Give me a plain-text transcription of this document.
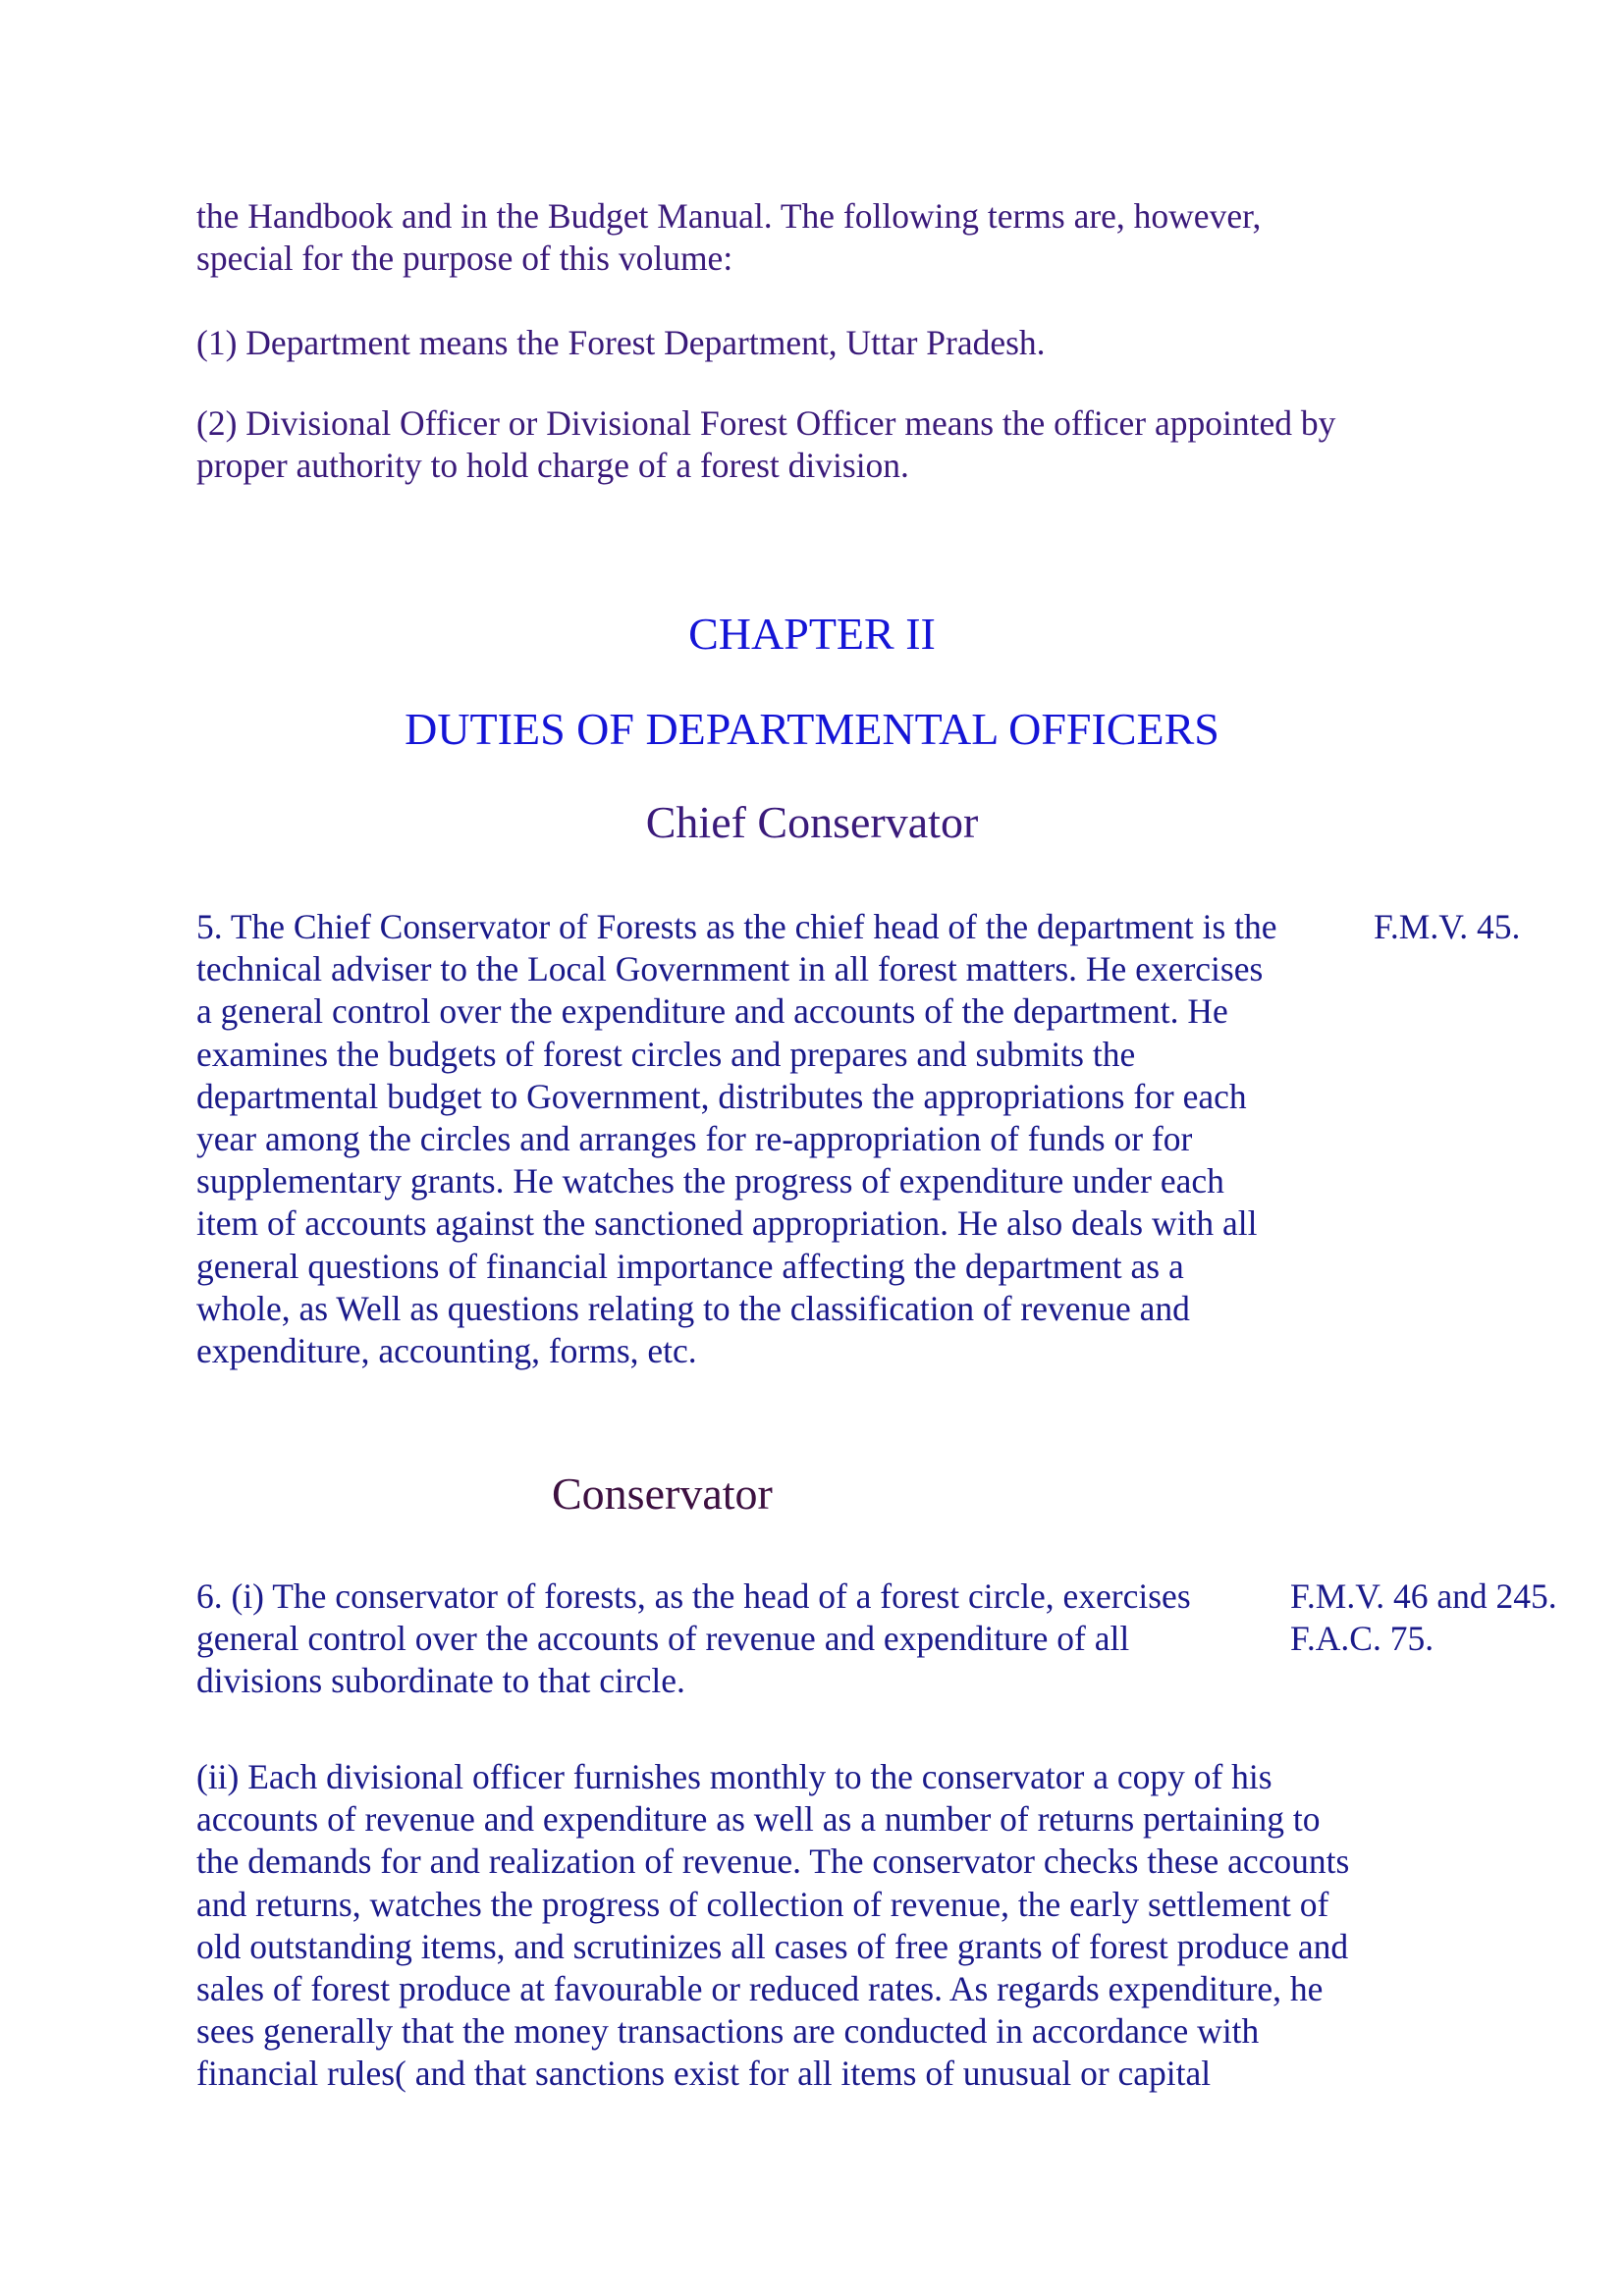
the Handbook and in the Budget Manual. The following terms are, however,
special for the purpose of this volume:

(1) Department means the Forest Department, Uttar Pradesh.

(2) Divisional Officer or Divisional Forest Officer means the officer appointed by
proper authority to hold charge of a forest division.

CHAPTER II
DUTIES OF DEPARTMENTAL OFFICERS
Chief Conservator

5. The Chief Conservator of Forests as the chief head of the department is the
technical adviser to the Local Government in all forest matters. He exercises
a general control over the expenditure and accounts of the department. He
examines the budgets of forest circles and prepares and submits the
departmental budget to Government, distributes the appropriations for each
year among the circles and arranges for re-appropriation of funds or for
supplementary grants. He watches the progress of expenditure under each
item of accounts against the sanctioned appropriation. He also deals with all
general questions of financial importance affecting the department as a
whole, as Well as questions relating to the classification of revenue and
expenditure, accounting, forms, etc.

F.M.V. 45.

Conservator

6. (i) The conservator of forests, as the head of a forest circle, exercises
general control over the accounts of revenue and expenditure of all
divisions subordinate to that circle.

F.M.V. 46 and 245.
F.A.C. 75.

(ii) Each divisional officer furnishes monthly to the conservator a copy of his
accounts of revenue and expenditure as well as a number of returns pertaining to
the demands for and realization of revenue. The conservator checks these accounts
and returns, watches the progress of collection of revenue, the early settlement of
old outstanding items, and scrutinizes all cases of free grants of forest produce and
sales of forest produce at favourable or reduced rates. As regards expenditure, he
sees generally that the money transactions are conducted in accordance with
financial rules( and that sanctions exist for all items of unusual or capital
